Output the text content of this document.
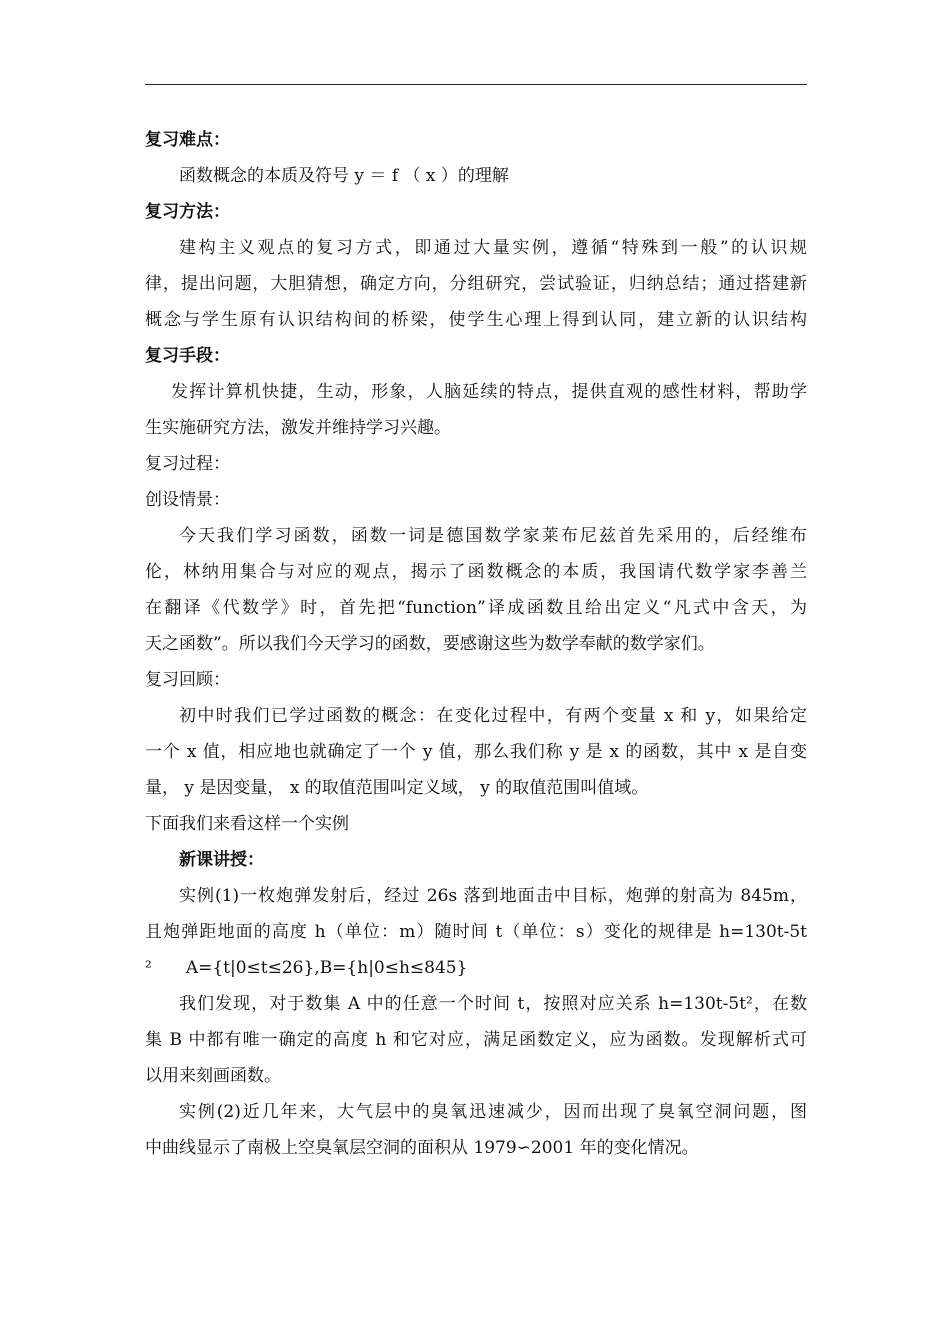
复习难点：
函数概念的本质及符号 y ＝ f （ x ）的理解
复习方法：
建构主义观点的复习方式，即通过大量实例，遵循“特殊到一般”的认识规
律，提出问题，大胆猜想，确定方向，分组研究，尝试验证，归纳总结；通过搭建新
概念与学生原有认识结构间的桥梁，使学生心理上得到认同，建立新的认识结构
复习手段：
发挥计算机快捷，生动，形象，人脑延续的特点，提供直观的感性材料，帮助学
生实施研究方法，激发并维持学习兴趣。
复习过程：
创设情景：
今天我们学习函数，函数一词是德国数学家莱布尼兹首先采用的，后经维布
伦，林纳用集合与对应的观点，揭示了函数概念的本质，我国请代数学家李善兰
在翻译《代数学》时，首先把“function”译成函数且给出定义“凡式中含天，为
天之函数”。所以我们今天学习的函数，要感谢这些为数学奉献的数学家们。
复习回顾：
初中时我们已学过函数的概念：在变化过程中，有两个变量 x 和 y，如果给定
一个 x 值，相应地也就确定了一个 y 值，那么我们称 y 是 x 的函数，其中 x 是自变
量， y 是因变量， x 的取值范围叫定义域， y 的取值范围叫值域。
下面我们来看这样一个实例
新课讲授：
实例(1)一枚炮弹发射后，经过 26s 落到地面击中目标，炮弹的射高为 845m，
且炮弹距地面的高度 h（单位：m）随时间 t（单位：s）变化的规律是 h=130t-5t
²　　A={t|0≤t≤26},B={h|0≤h≤845}
我们发现，对于数集 A 中的任意一个时间 t，按照对应关系 h=130t-5t²，在数
集 B 中都有唯一确定的高度 h 和它对应，满足函数定义，应为函数。发现解析式可
以用来刻画函数。
实例(2)近几年来，大气层中的臭氧迅速减少，因而出现了臭氧空洞问题，图
中曲线显示了南极上空臭氧层空洞的面积从 1979∽2001 年的变化情况。
